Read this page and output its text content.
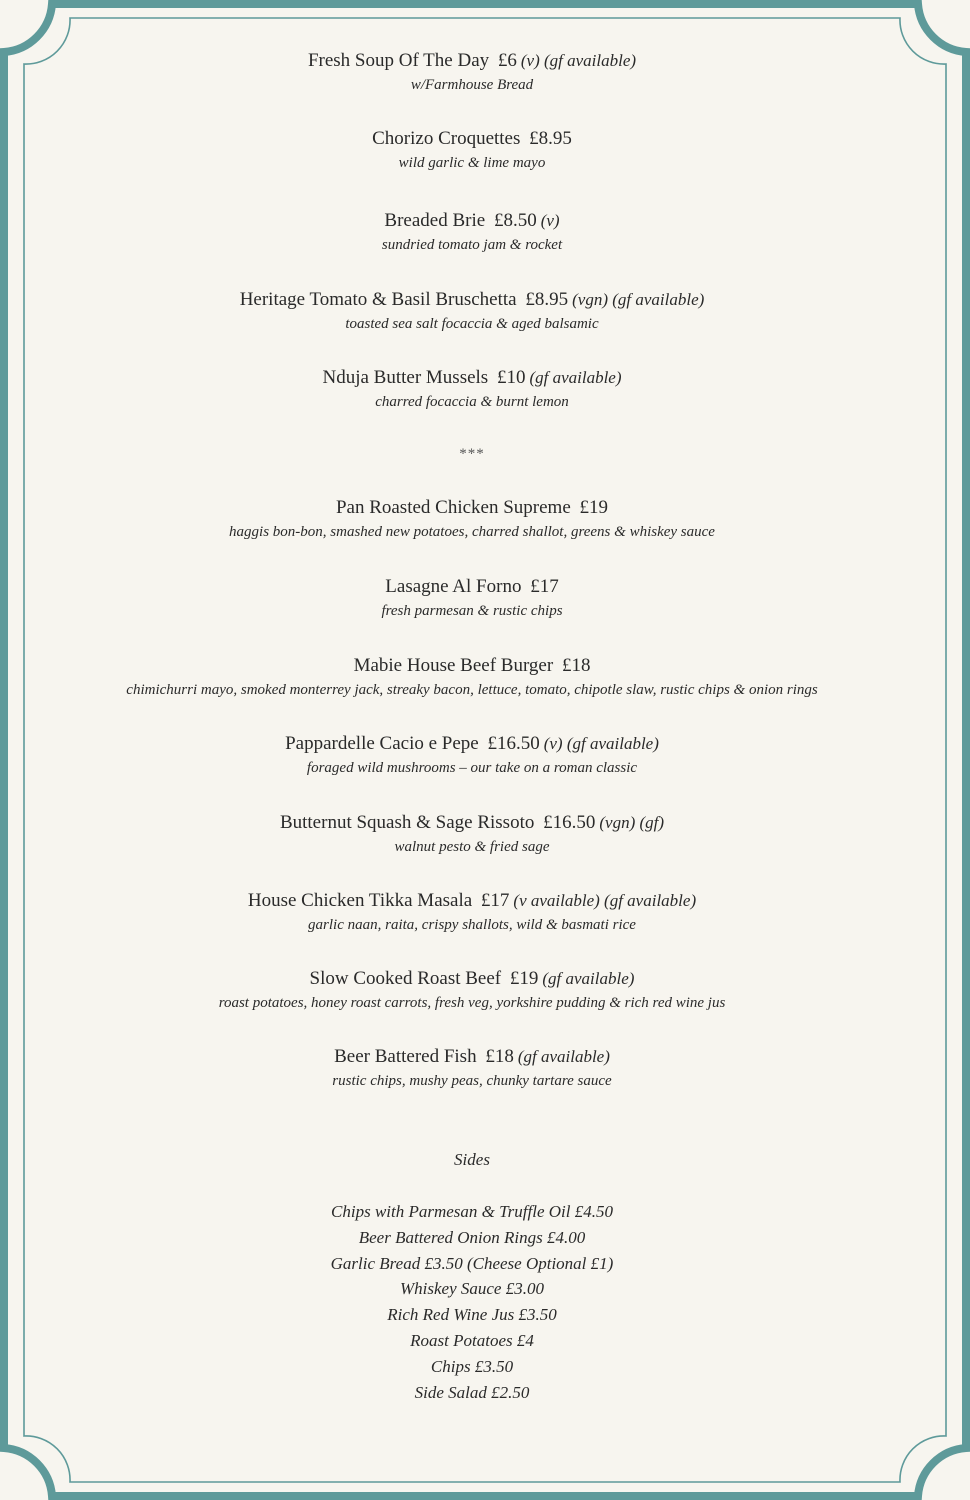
Fresh Soup Of The Day £6 (v) (gf available)
w/Farmhouse Bread
Chorizo Croquettes £8.95
wild garlic & lime mayo
Breaded Brie £8.50 (v)
sundried tomato jam & rocket
Heritage Tomato & Basil Bruschetta £8.95 (vgn) (gf available)
toasted sea salt focaccia & aged balsamic
Nduja Butter Mussels £10 (gf available)
charred focaccia & burnt lemon
***
Pan Roasted Chicken Supreme £19
haggis bon-bon, smashed new potatoes, charred shallot, greens & whiskey sauce
Lasagne Al Forno £17
fresh parmesan & rustic chips
Mabie House Beef Burger £18
chimichurri mayo, smoked monterrey jack, streaky bacon, lettuce, tomato, chipotle slaw, rustic chips & onion rings
Pappardelle Cacio e Pepe £16.50 (v) (gf available)
foraged wild mushrooms – our take on a roman classic
Butternut Squash & Sage Rissoto £16.50 (vgn) (gf)
walnut pesto & fried sage
House Chicken Tikka Masala £17 (v available) (gf available)
garlic naan, raita, crispy shallots, wild & basmati rice
Slow Cooked Roast Beef £19 (gf available)
roast potatoes, honey roast carrots, fresh veg, yorkshire pudding & rich red wine jus
Beer Battered Fish £18 (gf available)
rustic chips, mushy peas, chunky tartare sauce
Sides
Chips with Parmesan & Truffle Oil £4.50
Beer Battered Onion Rings £4.00
Garlic Bread £3.50 (Cheese Optional £1)
Whiskey Sauce £3.00
Rich Red Wine Jus £3.50
Roast Potatoes £4
Chips £3.50
Side Salad £2.50
